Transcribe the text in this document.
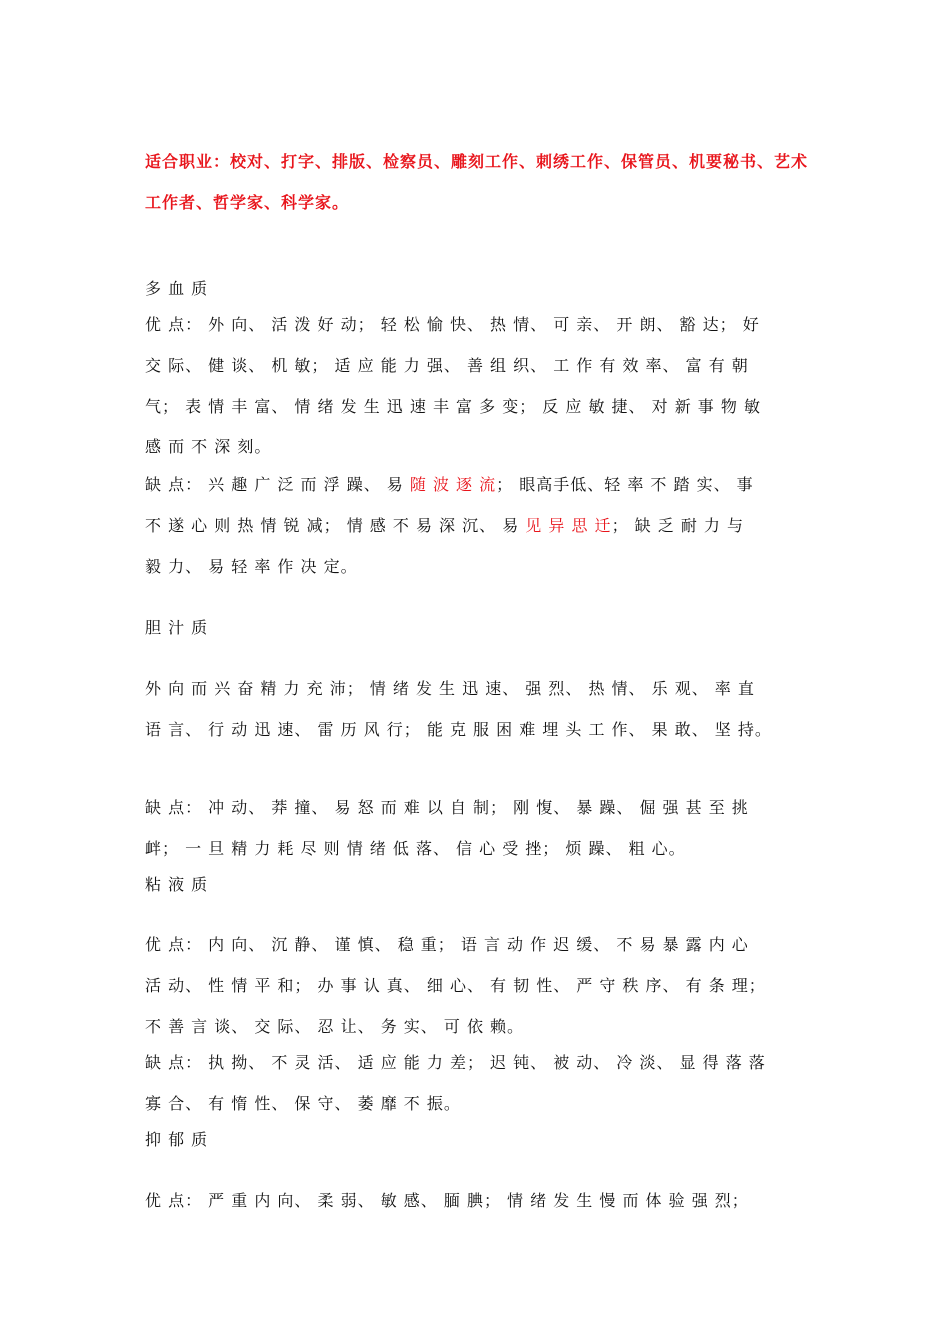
适合职业：校对、打字、排版、检察员、雕刻工作、刺绣工作、保管员、机要秘书、艺术
工作者、哲学家、科学家。
多 血 质
优 点： 外 向、 活 泼 好 动； 轻 松 愉 快、 热 情、 可 亲、 开 朗、 豁 达； 好
交 际、 健 谈、 机 敏； 适 应 能 力 强、 善 组 织、 工 作 有 效 率、 富 有 朝
气； 表 情 丰 富、 情 绪 发 生 迅 速 丰 富 多 变； 反 应 敏 捷、 对 新 事 物 敏
感 而 不 深 刻。
缺 点： 兴 趣 广 泛 而 浮 躁、 易 随 波 逐 流； 眼高手低、轻 率 不 踏 实、 事
不 遂 心 则 热 情 锐 减； 情 感 不 易 深 沉、 易 见 异 思 迁； 缺 乏 耐 力 与
毅 力、 易 轻 率 作 决 定。
胆 汁 质
外 向 而 兴 奋 精 力 充 沛； 情 绪 发 生 迅 速、 强 烈、 热 情、 乐 观、 率 直
语 言、 行 动 迅 速、 雷 历 风 行； 能 克 服 困 难 埋 头 工 作、 果 敢、 坚 持。
缺 点： 冲 动、 莽 撞、 易 怒 而 难 以 自 制； 刚 愎、 暴 躁、 倔 强 甚 至 挑
衅； 一 旦 精 力 耗 尽 则 情 绪 低 落、 信 心 受 挫； 烦 躁、 粗 心。
粘 液 质
优 点： 内 向、 沉 静、 谨 慎、 稳 重； 语 言 动 作 迟 缓、 不 易 暴 露 内 心
活 动、 性 情 平 和； 办 事 认 真、 细 心、 有 韧 性、 严 守 秩 序、 有 条 理；
不 善 言 谈、 交 际、 忍 让、 务 实、 可 依 赖。
缺 点： 执 拗、 不 灵 活、 适 应 能 力 差； 迟 钝、 被 动、 冷 淡、 显 得 落 落
寡 合、 有 惰 性、 保 守、 萎 靡 不 振。
抑 郁 质
优 点： 严 重 内 向、 柔 弱、 敏 感、 腼 腆； 情 绪 发 生 慢 而 体 验 强 烈；
